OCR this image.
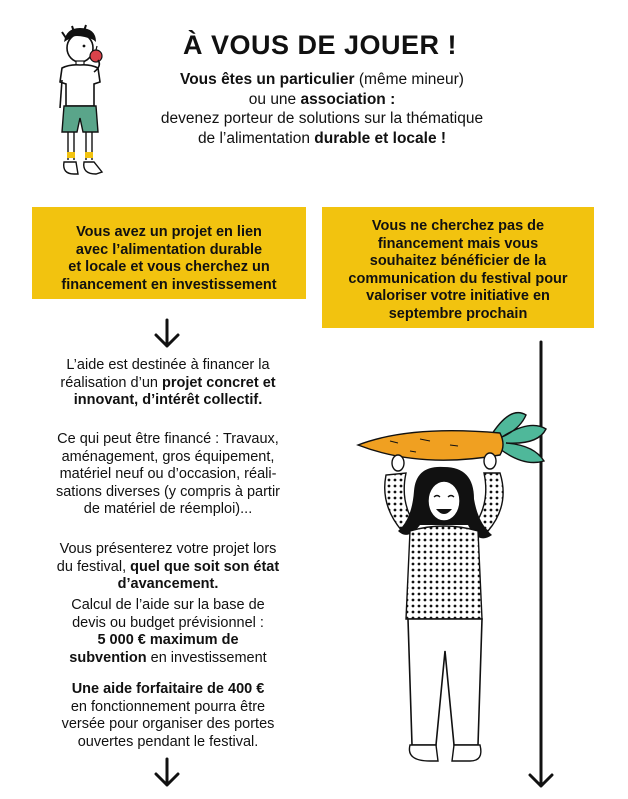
À VOUS DE JOUER !
Vous êtes un particulier (même mineur)
ou une association :
devenez porteur de solutions sur la thématique
de l’alimentation durable et locale !
Vous avez un projet en lien
avec l’alimentation durable
et locale et vous cherchez un
financement en investissement
Vous ne cherchez pas de
financement mais vous
souhaitez bénéficier de la
communication du festival pour
valoriser votre initiative en
septembre prochain
L’aide est destinée à financer la
réalisation d’un projet concret et
innovant, d’intérêt collectif.
Ce qui peut être financé : Travaux,
aménagement, gros équipement,
matériel neuf ou d’occasion, réali-
sations diverses (y compris à partir
de matériel de réemploi)...
Vous présenterez votre projet lors
du festival, quel que soit son état
d’avancement.
Calcul de l’aide sur la base de
devis ou budget prévisionnel :
5 000 € maximum de
subvention en investissement
Une aide forfaitaire de 400 €
en fonctionnement pourra être
versée pour organiser des portes
ouvertes pendant le festival.
